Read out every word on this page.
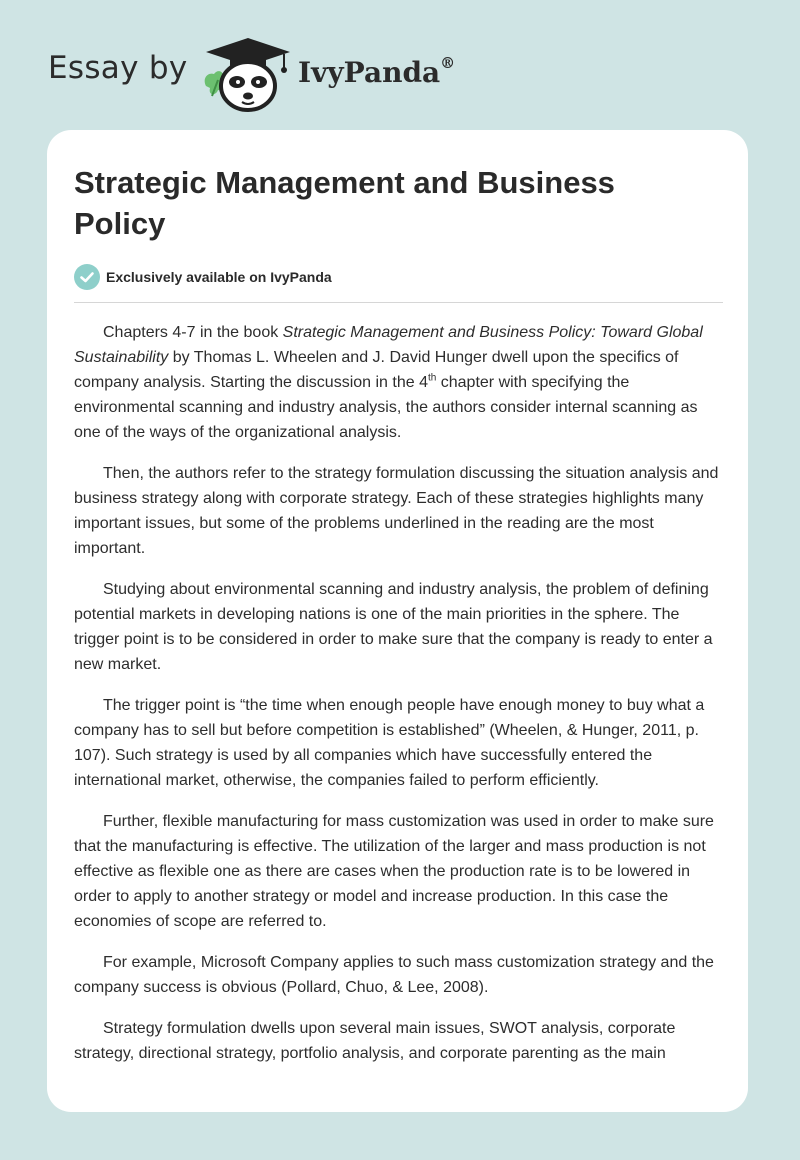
Essay by	IvyPanda®
Strategic Management and Business Policy
Exclusively available on IvyPanda

Chapters 4-7 in the book Strategic Management and Business Policy: Toward Global Sustainability by Thomas L. Wheelen and J. David Hunger dwell upon the specifics of company analysis. Starting the discussion in the 4th chapter with specifying the environmental scanning and industry analysis, the authors consider internal scanning as one of the ways of the organizational analysis.

Then, the authors refer to the strategy formulation discussing the situation analysis and business strategy along with corporate strategy. Each of these strategies highlights many important issues, but some of the problems underlined in the reading are the most important.

Studying about environmental scanning and industry analysis, the problem of defining potential markets in developing nations is one of the main priorities in the sphere. The trigger point is to be considered in order to make sure that the company is ready to enter a new market.

The trigger point is “the time when enough people have enough money to buy what a company has to sell but before competition is established” (Wheelen, & Hunger, 2011, p. 107). Such strategy is used by all companies which have successfully entered the international market, otherwise, the companies failed to perform efficiently.

Further, flexible manufacturing for mass customization was used in order to make sure that the manufacturing is effective. The utilization of the larger and mass production is not effective as flexible one as there are cases when the production rate is to be lowered in order to apply to another strategy or model and increase production. In this case the economies of scope are referred to.

For example, Microsoft Company applies to such mass customization strategy and the company success is obvious (Pollard, Chuo, & Lee, 2008).

Strategy formulation dwells upon several main issues, SWOT analysis, corporate strategy, directional strategy, portfolio analysis, and corporate parenting as the main
